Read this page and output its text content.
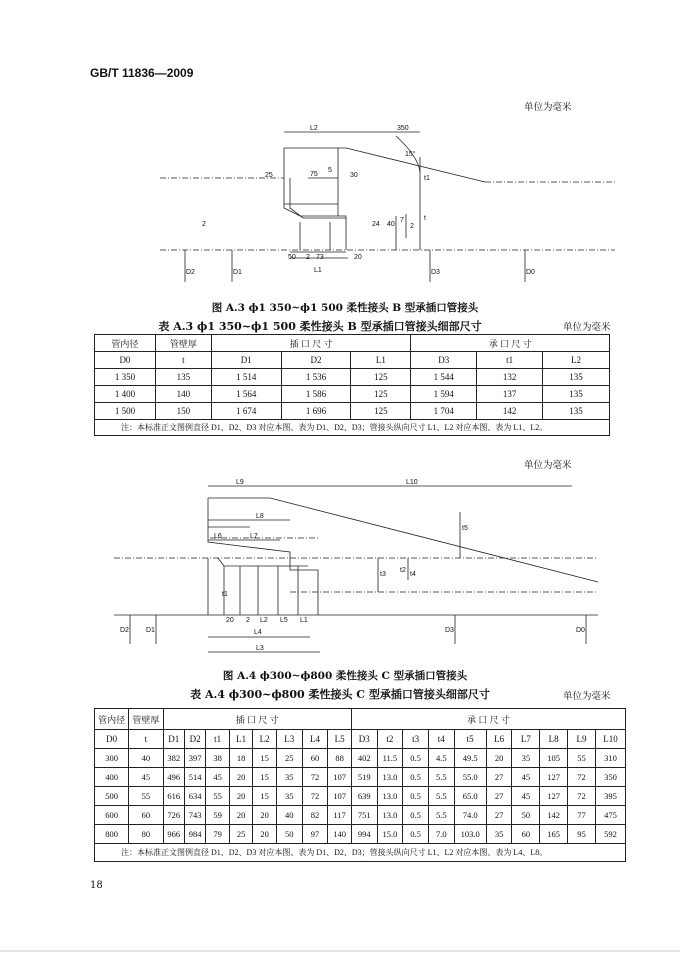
GB/T 11836—2009
单位为毫米
L2	350
15°
25	75
5
30
t
t1
2	24 40
7
2
50 2 73	20
L1
D2	D1	D3	D0
图 A.3 ϕ1 350~ϕ1 500 柔性接头 B 型承插口管接头
表 A.3 ϕ1 350~ϕ1 500 柔性接头 B 型承插口管接头细部尺寸	单位为毫米
管内径	管壁厚	插 口 尺 寸			承 口 尺 寸		
D0	t	D1	D2	L1	D3	t1	L2
1 350	135	1 514	1 536	125	1 544	132	135
1 400	140	1 564	1 586	125	1 594	137	135
1 500	150	1 674	1 696	125	1 704	142	135
注：本标准正文图例直径 D1、D2、D3 对应本图、表为 D1、D2、D3；管接头纵向尺寸 L1、L2 对应本图、表为 L1、L2。							
单位为毫米
L9	L10
L8
L7
L6
t5
t4
t3
t2
t1
20 2 L2 L5 L1
L4
L3
D2 D1	D3	D0
图 A.4 ϕ300~ϕ800 柔性接头 C 型承插口管接头
表 A.4 ϕ300~ϕ800 柔性接头 C 型承插口管接头细部尺寸	单位为毫米
管内径	管壁厚	插 口 尺 寸								承 口 尺 寸									
D0	t	D1	D2	t1	L1	L2	L3	L4	L5	D3	t2	t3	t4	t5	L6	L7	L8	L9	L10
300	40	382	397	38	18	15	25	60	88	402	11.5	0.5	4.5	49.5	20	35	105	55	310
400	45	496	514	45	20	15	35	72	107	519	13.0	0.5	5.5	55.0	27	45	127	72	350
500	55	616	634	55	20	15	35	72	107	639	13.0	0.5	5.5	65.0	27	45	127	72	395
600	60	726	743	59	20	20	40	82	117	751	13.0	0.5	5.5	74.0	27	50	142	77	475
800	80	966	984	79	25	20	50	97	140	994	15.0	0.5	7.0	103.0	35	60	165	95	592
注：本标准正文图例直径 D1、D2、D3 对应本图、表为 D1、D2、D3；管接头纵向尺寸 L1、L2 对应本图、表为 L4、L8。																			
18
